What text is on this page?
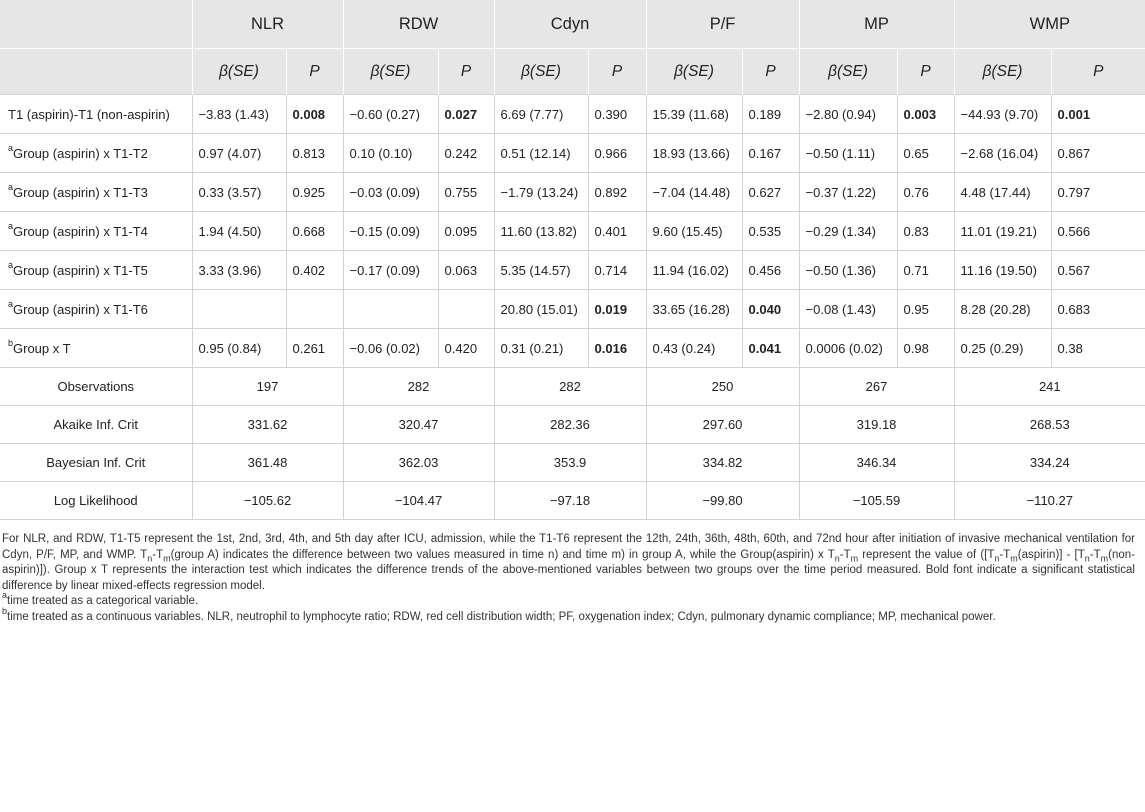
	NLR		RDW		Cdyn		P/F		MP		WMP	
	β(SE)	P	β(SE)	P	β(SE)	P	β(SE)	P	β(SE)	P	β(SE)	P
T1 (aspirin)-T1 (non-aspirin)	−3.83 (1.43)	0.008	−0.60 (0.27)	0.027	6.69 (7.77)	0.390	15.39 (11.68)	0.189	−2.80 (0.94)	0.003	−44.93 (9.70)	0.001
$^a$Group (aspirin) x T1-T2	0.97 (4.07)	0.813	0.10 (0.10)	0.242	0.51 (12.14)	0.966	18.93 (13.66)	0.167	−0.50 (1.11)	0.65	−2.68 (16.04)	0.867
$^a$Group (aspirin) x T1-T3	0.33 (3.57)	0.925	−0.03 (0.09)	0.755	−1.79 (13.24)	0.892	−7.04 (14.48)	0.627	−0.37 (1.22)	0.76	4.48 (17.44)	0.797
$^a$Group (aspirin) x T1-T4	1.94 (4.50)	0.668	−0.15 (0.09)	0.095	11.60 (13.82)	0.401	9.60 (15.45)	0.535	−0.29 (1.34)	0.83	11.01 (19.21)	0.566
$^a$Group (aspirin) x T1-T5	3.33 (3.96)	0.402	−0.17 (0.09)	0.063	5.35 (14.57)	0.714	11.94 (16.02)	0.456	−0.50 (1.36)	0.71	11.16 (19.50)	0.567
$^a$Group (aspirin) x T1-T6					20.80 (15.01)	0.019	33.65 (16.28)	0.040	−0.08 (1.43)	0.95	8.28 (20.28)	0.683
$^b$Group x T	0.95 (0.84)	0.261	−0.06 (0.02)	0.420	0.31 (0.21)	0.016	0.43 (0.24)	0.041	0.0006 (0.02)	0.98	0.25 (0.29)	0.38
Observations	197		282		282		250		267		241	
Akaike Inf. Crit	331.62		320.47		282.36		297.60		319.18		268.53	
Bayesian Inf. Crit	361.48		362.03		353.9		334.82		346.34		334.24	
Log Likelihood	−105.62		−104.47		−97.18		−99.80		−105.59		−110.27	

For NLR, and RDW, T1-T5 represent the 1st, 2nd, 3rd, 4th, and 5th day after ICU, admission, while the T1-T6 represent the 12th, 24th, 36th, 48th, 60th, and 72nd hour after initiation of invasive mechanical ventilation for Cdyn, P/F, MP, and WMP. $T_n-T_m(group$ A) indicates the difference between two values measured in time n) and time m) in group A, while the Group(aspirin) x $T_n-T_m$ represent the value of ($[T_n-T_m(aspirin)]$ - $[T_n-T_m(non-aspirin)]$). Group x T represents the interaction test which indicates the difference trends of the above-mentioned variables between two groups over the time period measured. Bold font indicate a significant statistical difference by linear mixed-effects regression model.

$^a$time treated as a categorical variable.

$^b$time treated as a continuous variables. NLR, neutrophil to lymphocyte ratio; RDW, red cell distribution width; PF, oxygenation index; Cdyn, pulmonary dynamic compliance; MP, mechanical power.
